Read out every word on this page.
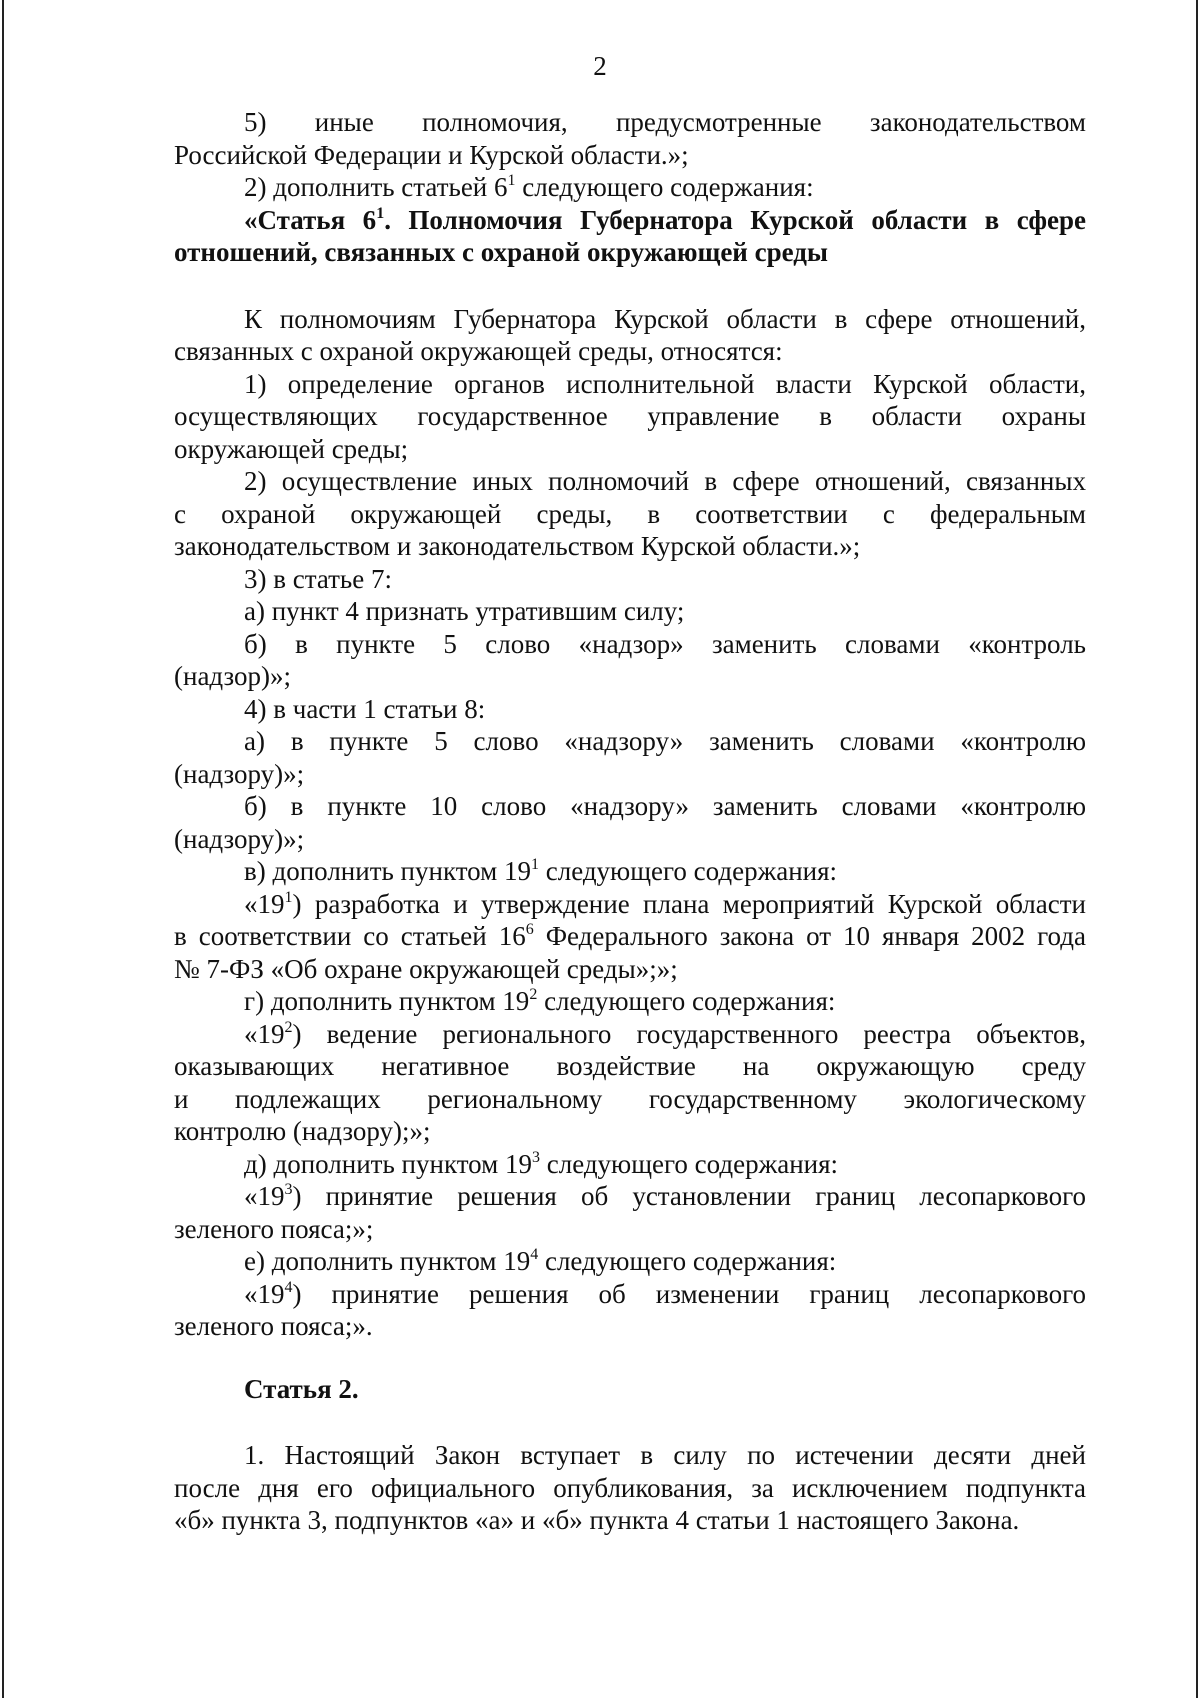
2
5) иные полномочия, предусмотренные законодательством
Российской Федерации и Курской области.»;
2) дополнить статьей $6^1$ следующего содержания:
«Статья $6^1$. Полномочия Губернатора Курской области в сфере
отношений, связанных с охраной окружающей среды
К полномочиям Губернатора Курской области в сфере отношений,
связанных с охраной окружающей среды, относятся:
1) определение органов исполнительной власти Курской области,
осуществляющих государственное управление в области охраны
окружающей среды;
2) осуществление иных полномочий в сфере отношений, связанных
с охраной окружающей среды, в соответствии с федеральным
законодательством и законодательством Курской области.»;
3) в статье 7:
а) пункт 4 признать утратившим силу;
б) в пункте 5 слово «надзор» заменить словами «контроль
(надзор)»;
4) в части 1 статьи 8:
а) в пункте 5 слово «надзору» заменить словами «контролю
(надзору)»;
б) в пункте 10 слово «надзору» заменить словами «контролю
(надзору)»;
в) дополнить пунктом $19^1$ следующего содержания:
«$19^1$) разработка и утверждение плана мероприятий Курской области
в соответствии со статьей $16^6$ Федерального закона от 10 января 2002 года
№ 7-ФЗ «Об охране окружающей среды»;»;
г) дополнить пунктом $19^2$ следующего содержания:
«$19^2$) ведение регионального государственного реестра объектов,
оказывающих негативное воздействие на окружающую среду
и подлежащих региональному государственному экологическому
контролю (надзору);»;
д) дополнить пунктом $19^3$ следующего содержания:
«$19^3$) принятие решения об установлении границ лесопаркового
зеленого пояса;»;
е) дополнить пунктом $19^4$ следующего содержания:
«$19^4$) принятие решения об изменении границ лесопаркового
зеленого пояса;».
Статья 2.
1. Настоящий Закон вступает в силу по истечении десяти дней
после дня его официального опубликования, за исключением подпункта
«б» пункта 3, подпунктов «а» и «б» пункта 4 статьи 1 настоящего Закона.
